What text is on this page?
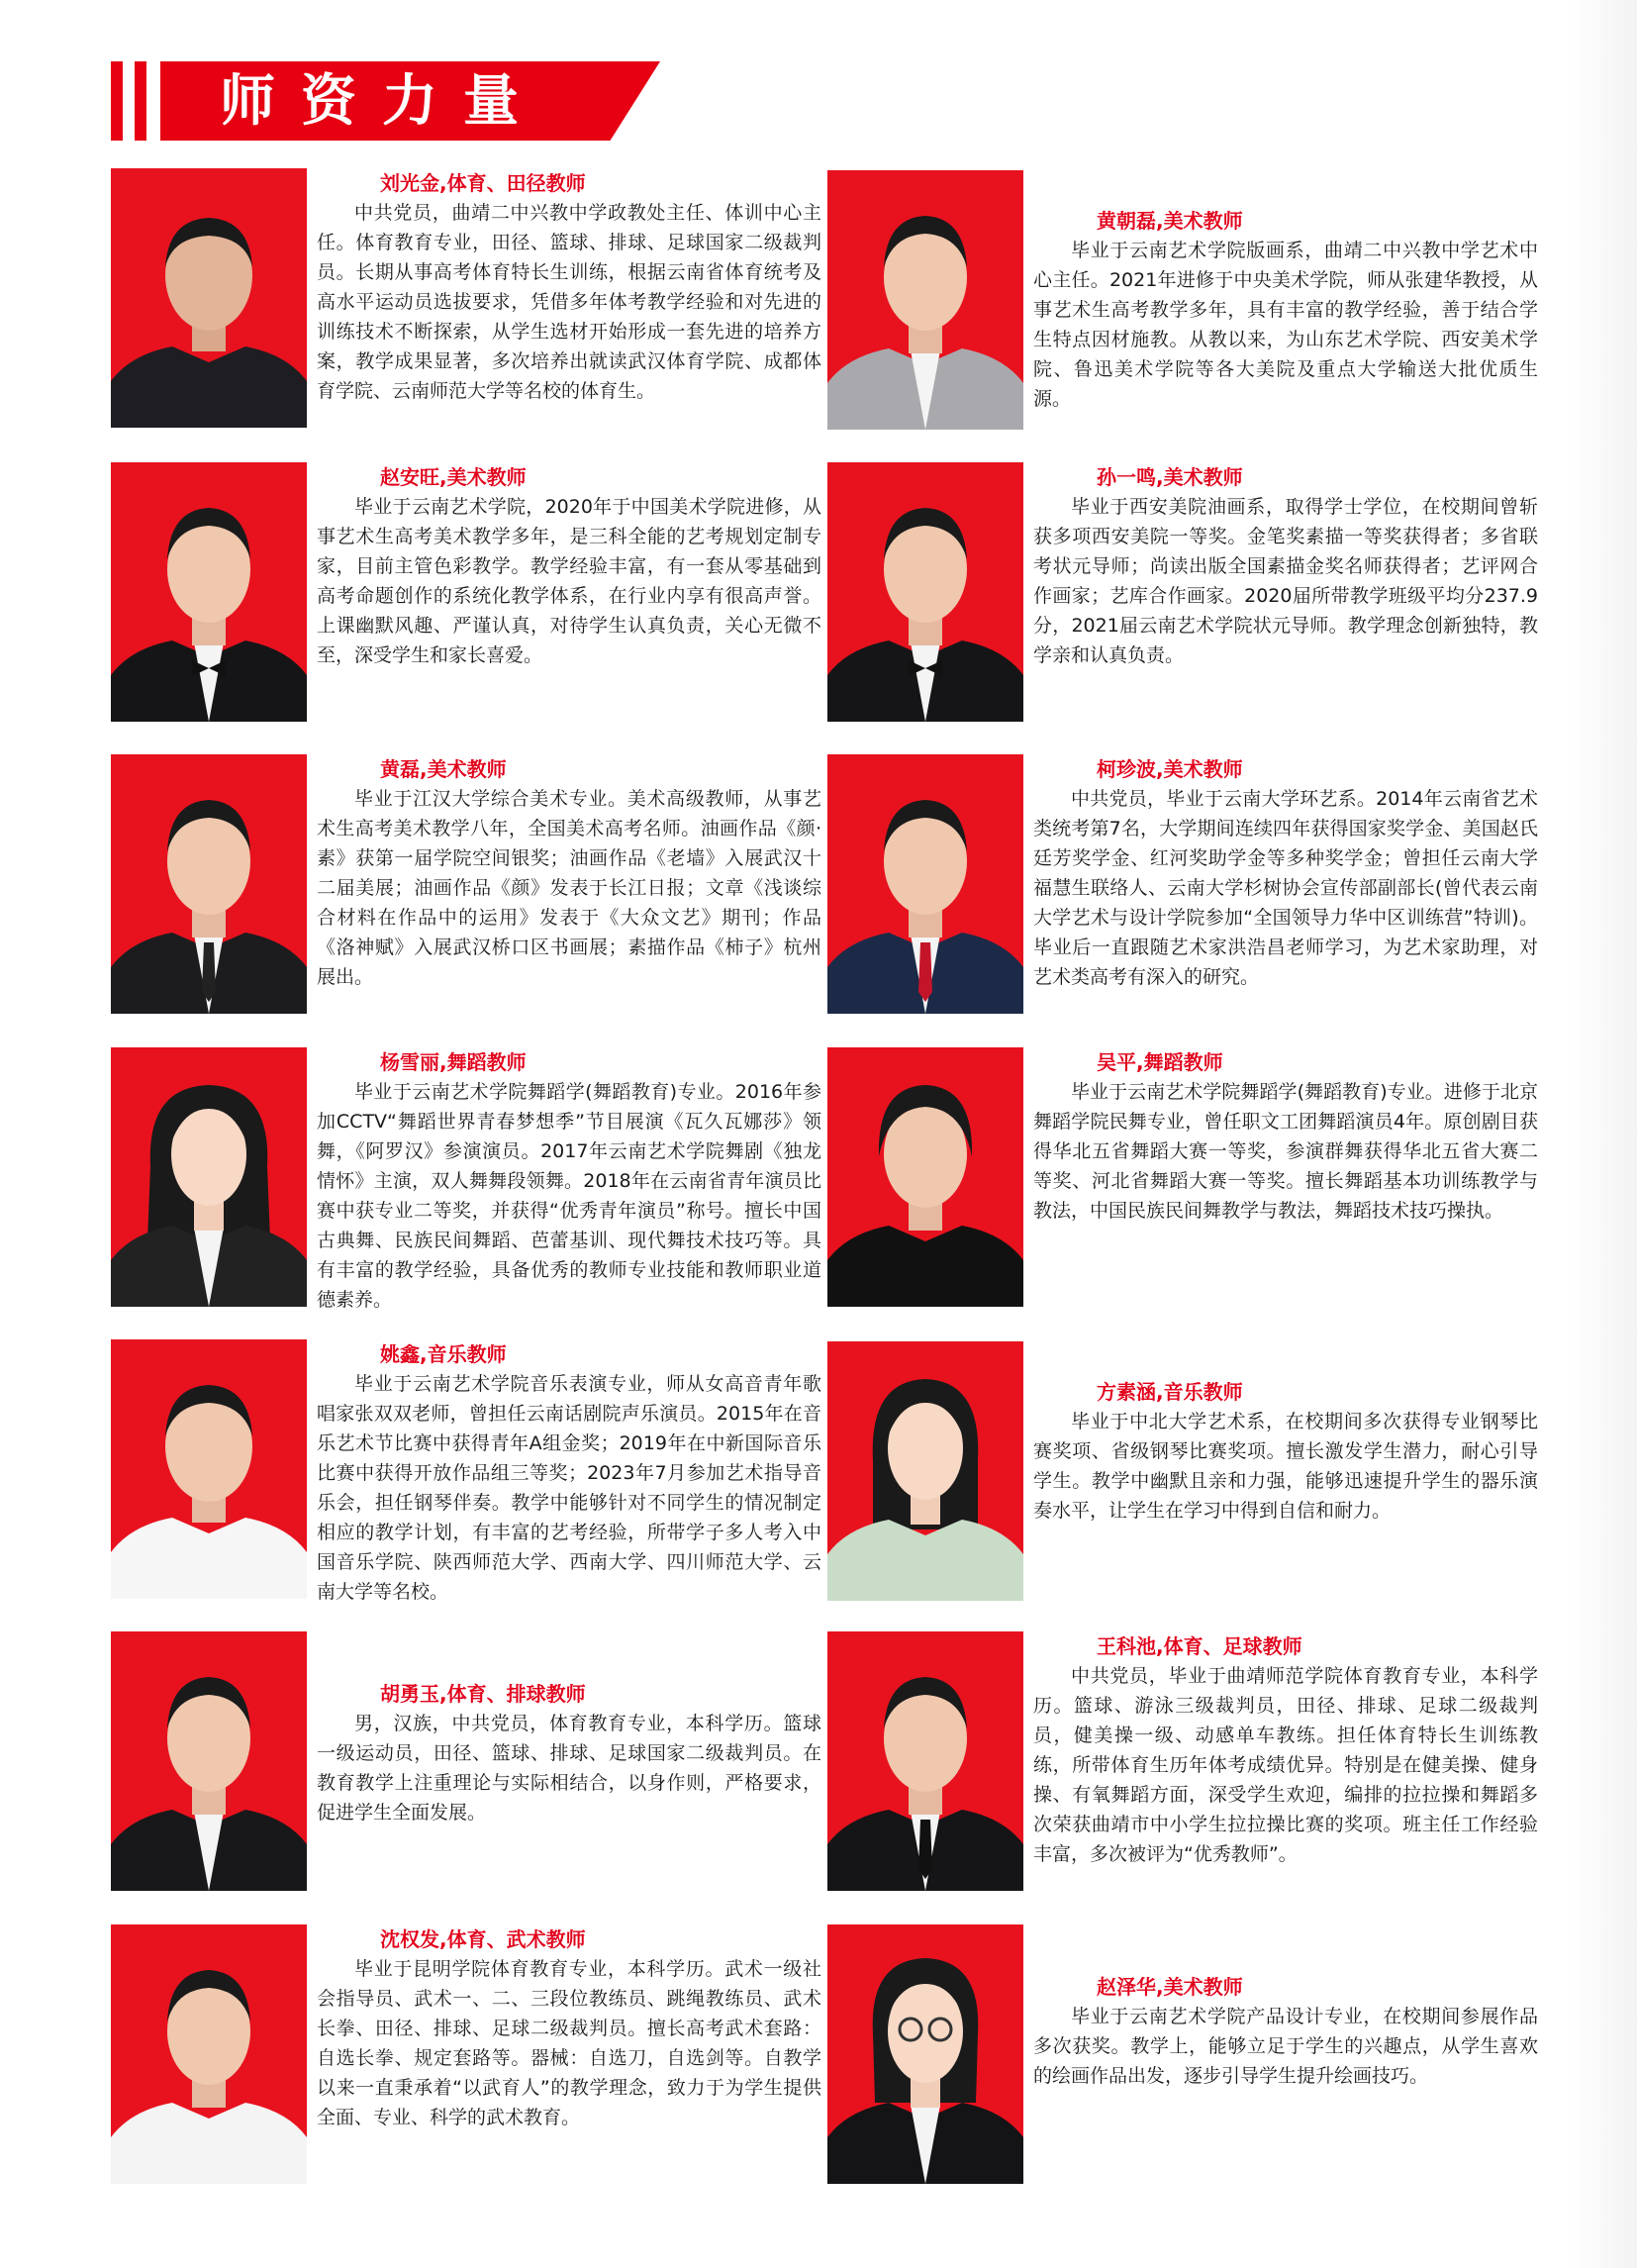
师资力量
刘光金,体育、田径教师
中共党员，曲靖二中兴教中学政教处主任、体训中心主任。体育教育专业，田径、篮球、排球、足球国家二级裁判员。长期从事高考体育特长生训练，根据云南省体育统考及高水平运动员选拔要求，凭借多年体考教学经验和对先进的训练技术不断探索，从学生选材开始形成一套先进的培养方案，教学成果显著，多次培养出就读武汉体育学院、成都体育学院、云南师范大学等名校的体育生。
黄朝磊,美术教师
毕业于云南艺术学院版画系，曲靖二中兴教中学艺术中心主任。2021年进修于中央美术学院，师从张建华教授，从事艺术生高考教学多年，具有丰富的教学经验，善于结合学生特点因材施教。从教以来，为山东艺术学院、西安美术学院、鲁迅美术学院等各大美院及重点大学输送大批优质生源。
赵安旺,美术教师
毕业于云南艺术学院，2020年于中国美术学院进修，从事艺术生高考美术教学多年，是三科全能的艺考规划定制专家，目前主管色彩教学。教学经验丰富，有一套从零基础到高考命题创作的系统化教学体系，在行业内享有很高声誉。上课幽默风趣、严谨认真，对待学生认真负责，关心无微不至，深受学生和家长喜爱。
孙一鸣,美术教师
毕业于西安美院油画系，取得学士学位，在校期间曾斩获多项西安美院一等奖。金笔奖素描一等奖获得者；多省联考状元导师；尚读出版全国素描金奖名师获得者；艺评网合作画家；艺库合作画家。2020届所带教学班级平均分237.9分，2021届云南艺术学院状元导师。教学理念创新独特，教学亲和认真负责。
黄磊,美术教师
毕业于江汉大学综合美术专业。美术高级教师，从事艺术生高考美术教学八年，全国美术高考名师。油画作品《颜·素》获第一届学院空间银奖；油画作品《老墙》入展武汉十二届美展；油画作品《颜》发表于长江日报；文章《浅谈综合材料在作品中的运用》发表于《大众文艺》期刊；作品《洛神赋》入展武汉桥口区书画展；素描作品《柿子》杭州展出。
柯珍波,美术教师
中共党员，毕业于云南大学环艺系。2014年云南省艺术类统考第7名，大学期间连续四年获得国家奖学金、美国赵氏廷芳奖学金、红河奖助学金等多种奖学金；曾担任云南大学福慧生联络人、云南大学杉树协会宣传部副部长(曾代表云南大学艺术与设计学院参加“全国领导力华中区训练营”特训)。毕业后一直跟随艺术家洪浩昌老师学习，为艺术家助理，对艺术类高考有深入的研究。
杨雪丽,舞蹈教师
毕业于云南艺术学院舞蹈学(舞蹈教育)专业。2016年参加CCTV“舞蹈世界青春梦想季”节目展演《瓦久瓦娜莎》领舞，《阿罗汉》参演演员。2017年云南艺术学院舞剧《独龙情怀》主演，双人舞舞段领舞。2018年在云南省青年演员比赛中获专业二等奖，并获得“优秀青年演员”称号。擅长中国古典舞、民族民间舞蹈、芭蕾基训、现代舞技术技巧等。具有丰富的教学经验，具备优秀的教师专业技能和教师职业道德素养。
吴平,舞蹈教师
毕业于云南艺术学院舞蹈学(舞蹈教育)专业。进修于北京舞蹈学院民舞专业，曾任职文工团舞蹈演员4年。原创剧目获得华北五省舞蹈大赛一等奖，参演群舞获得华北五省大赛二等奖、河北省舞蹈大赛一等奖。擅长舞蹈基本功训练教学与教法，中国民族民间舞教学与教法，舞蹈技术技巧操执。
姚鑫,音乐教师
毕业于云南艺术学院音乐表演专业，师从女高音青年歌唱家张双双老师，曾担任云南话剧院声乐演员。2015年在音乐艺术节比赛中获得青年A组金奖；2019年在中新国际音乐比赛中获得开放作品组三等奖；2023年7月参加艺术指导音乐会，担任钢琴伴奏。教学中能够针对不同学生的情况制定相应的教学计划，有丰富的艺考经验，所带学子多人考入中国音乐学院、陕西师范大学、西南大学、四川师范大学、云南大学等名校。
方素涵,音乐教师
毕业于中北大学艺术系，在校期间多次获得专业钢琴比赛奖项、省级钢琴比赛奖项。擅长激发学生潜力，耐心引导学生。教学中幽默且亲和力强，能够迅速提升学生的器乐演奏水平，让学生在学习中得到自信和耐力。
胡勇玉,体育、排球教师
男，汉族，中共党员，体育教育专业，本科学历。篮球一级运动员，田径、篮球、排球、足球国家二级裁判员。在教育教学上注重理论与实际相结合，以身作则，严格要求，促进学生全面发展。
王科池,体育、足球教师
中共党员，毕业于曲靖师范学院体育教育专业，本科学历。篮球、游泳三级裁判员，田径、排球、足球二级裁判员，健美操一级、动感单车教练。担任体育特长生训练教练，所带体育生历年体考成绩优异。特别是在健美操、健身操、有氧舞蹈方面，深受学生欢迎，编排的拉拉操和舞蹈多次荣获曲靖市中小学生拉拉操比赛的奖项。班主任工作经验丰富，多次被评为“优秀教师”。
沈权发,体育、武术教师
毕业于昆明学院体育教育专业，本科学历。武术一级社会指导员、武术一、二、三段位教练员、跳绳教练员、武术长拳、田径、排球、足球二级裁判员。擅长高考武术套路：自选长拳、规定套路等。器械：自选刀，自选剑等。自教学以来一直秉承着“以武育人”的教学理念，致力于为学生提供全面、专业、科学的武术教育。
赵泽华,美术教师
毕业于云南艺术学院产品设计专业，在校期间参展作品多次获奖。教学上，能够立足于学生的兴趣点，从学生喜欢的绘画作品出发，逐步引导学生提升绘画技巧。
